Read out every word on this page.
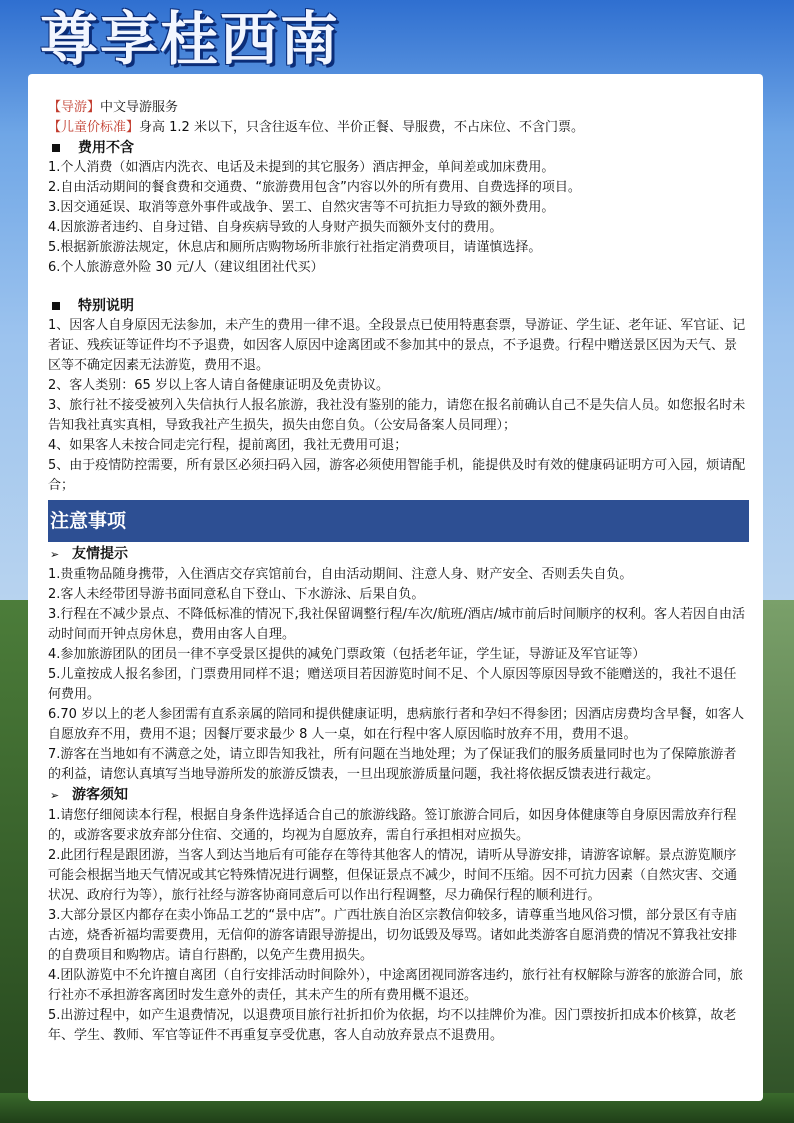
尊享桂西南

【导游】中文导游服务

【儿童价标准】身高 1.2 米以下，只含往返车位、半价正餐、导服费，不占床位、不含门票。

费用不含

1.个人消费（如酒店内洗衣、电话及未提到的其它服务）酒店押金，单间差或加床费用。

2.自由活动期间的餐食费和交通费、“旅游费用包含”内容以外的所有费用、自费选择的项目。

3.因交通延误、取消等意外事件或战争、罢工、自然灾害等不可抗拒力导致的额外费用。

4.因旅游者违约、自身过错、自身疾病导致的人身财产损失而额外支付的费用。

5.根据新旅游法规定，休息店和厕所店购物场所非旅行社指定消费项目，请谨慎选择。

6.个人旅游意外险 30 元/人（建议组团社代买）

特别说明

1、因客人自身原因无法参加，未产生的费用一律不退。全段景点已使用特惠套票，导游证、学生证、老年证、军官证、记者证、残疾证等证件均不予退费，如因客人原因中途离团或不参加其中的景点，不予退费。行程中赠送景区因为天气、景区等不确定因素无法游览，费用不退。

2、客人类别：65 岁以上客人请自备健康证明及免责协议。

3、旅行社不接受被列入失信执行人报名旅游，我社没有鉴别的能力，请您在报名前确认自己不是失信人员。如您报名时未告知我社真实真相，导致我社产生损失，损失由您自负。（公安局备案人员同理）；

4、如果客人未按合同走完行程，提前离团，我社无费用可退；

5、由于疫情防控需要，所有景区必须扫码入园，游客必须使用智能手机，能提供及时有效的健康码证明方可入园，烦请配合；

注意事项

➢ 友情提示

1.贵重物品随身携带，入住酒店交存宾馆前台，自由活动期间、注意人身、财产安全、否则丢失自负。

2.客人未经带团导游书面同意私自下登山、下水游泳、后果自负。

3.行程在不减少景点、不降低标准的情况下,我社保留调整行程/车次/航班/酒店/城市前后时间顺序的权利。客人若因自由活动时间而开钟点房休息，费用由客人自理。

4.参加旅游团队的团员一律不享受景区提供的减免门票政策（包括老年证，学生证，导游证及军官证等）

5.儿童按成人报名参团，门票费用同样不退；赠送项目若因游览时间不足、个人原因等原因导致不能赠送的，我社不退任何费用。

6.70 岁以上的老人参团需有直系亲属的陪同和提供健康证明，患病旅行者和孕妇不得参团；因酒店房费均含早餐，如客人自愿放弃不用，费用不退；因餐厅要求最少 8 人一桌，如在行程中客人原因临时放弃不用，费用不退。

7.游客在当地如有不满意之处，请立即告知我社，所有问题在当地处理；为了保证我们的服务质量同时也为了保障旅游者的利益，请您认真填写当地导游所发的旅游反馈表，一旦出现旅游质量问题，我社将依据反馈表进行裁定。

➢ 游客须知

1.请您仔细阅读本行程，根据自身条件选择适合自己的旅游线路。签订旅游合同后，如因身体健康等自身原因需放弃行程的，或游客要求放弃部分住宿、交通的，均视为自愿放弃，需自行承担相对应损失。

2.此团行程是跟团游，当客人到达当地后有可能存在等待其他客人的情况，请听从导游安排，请游客谅解。景点游览顺序可能会根据当地天气情况或其它特殊情况进行调整，但保证景点不减少，时间不压缩。因不可抗力因素（自然灾害、交通状况、政府行为等），旅行社经与游客协商同意后可以作出行程调整，尽力确保行程的顺利进行。

3.大部分景区内都存在卖小饰品工艺的“景中店”。广西壮族自治区宗教信仰较多，请尊重当地风俗习惯，部分景区有寺庙古迹，烧香祈福均需要费用，无信仰的游客请跟导游提出，切勿诋毁及辱骂。诸如此类游客自愿消费的情况不算我社安排的自费项目和购物店。请自行斟酌，以免产生费用损失。

4.团队游览中不允许擅自离团（自行安排活动时间除外），中途离团视同游客违约，旅行社有权解除与游客的旅游合同，旅行社亦不承担游客离团时发生意外的责任，其未产生的所有费用概不退还。

5.出游过程中，如产生退费情况，以退费项目旅行社折扣价为依据，均不以挂牌价为准。因门票按折扣成本价核算，故老年、学生、教师、军官等证件不再重复享受优惠，客人自动放弃景点不退费用。
